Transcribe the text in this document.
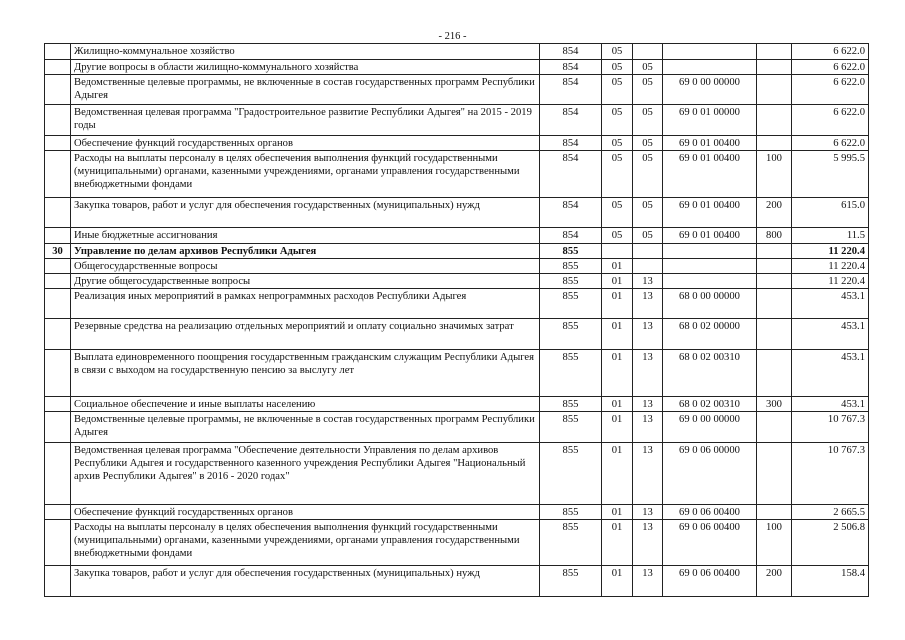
- 216 -
	Жилищно-коммунальное хозяйство	854	05				6 622.0
	Другие вопросы в области жилищно-коммунального хозяйства	854	05	05			6 622.0
	Ведомственные целевые программы, не включенные в состав государственных программ Республики Адыгея	854	05	05	69 0 00 00000		6 622.0
	Ведомственная целевая программа "Градостроительное развитие Республики Адыгея" на 2015 - 2019 годы	854	05	05	69 0 01 00000		6 622.0
	Обеспечение функций государственных органов	854	05	05	69 0 01 00400		6 622.0
	Расходы на выплаты персоналу в целях обеспечения выполнения функций государственными (муниципальными) органами, казенными учреждениями, органами управления государственными внебюджетными фондами	854	05	05	69 0 01 00400	100	5 995.5
	Закупка товаров, работ и услуг для обеспечения государственных (муниципальных) нужд	854	05	05	69 0 01 00400	200	615.0
	Иные бюджетные ассигнования	854	05	05	69 0 01 00400	800	11.5
30	Управление по делам архивов Республики Адыгея	855					11 220.4
	Общегосударственные вопросы	855	01				11 220.4
	Другие общегосударственные вопросы	855	01	13			11 220.4
	Реализация иных мероприятий в рамках непрограммных расходов Республики Адыгея	855	01	13	68 0 00 00000		453.1
	Резервные средства на реализацию отдельных мероприятий и оплату социально значимых затрат	855	01	13	68 0 02 00000		453.1
	Выплата единовременного поощрения государственным гражданским служащим Республики Адыгея в связи с выходом на государственную пенсию за выслугу лет	855	01	13	68 0 02 00310		453.1
	Социальное обеспечение и иные выплаты населению	855	01	13	68 0 02 00310	300	453.1
	Ведомственные целевые программы, не включенные в состав государственных программ Республики Адыгея	855	01	13	69 0 00 00000		10 767.3
	Ведомственная целевая программа "Обеспечение деятельности Управления по делам архивов Республики Адыгея и государственного казенного учреждения Республики Адыгея "Национальный архив Республики Адыгея" в 2016 - 2020 годах"	855	01	13	69 0 06 00000		10 767.3
	Обеспечение функций государственных органов	855	01	13	69 0 06 00400		2 665.5
	Расходы на выплаты персоналу в целях обеспечения выполнения функций государственными (муниципальными) органами, казенными учреждениями, органами управления государственными внебюджетными фондами	855	01	13	69 0 06 00400	100	2 506.8
	Закупка товаров, работ и услуг для обеспечения государственных (муниципальных) нужд	855	01	13	69 0 06 00400	200	158.4
